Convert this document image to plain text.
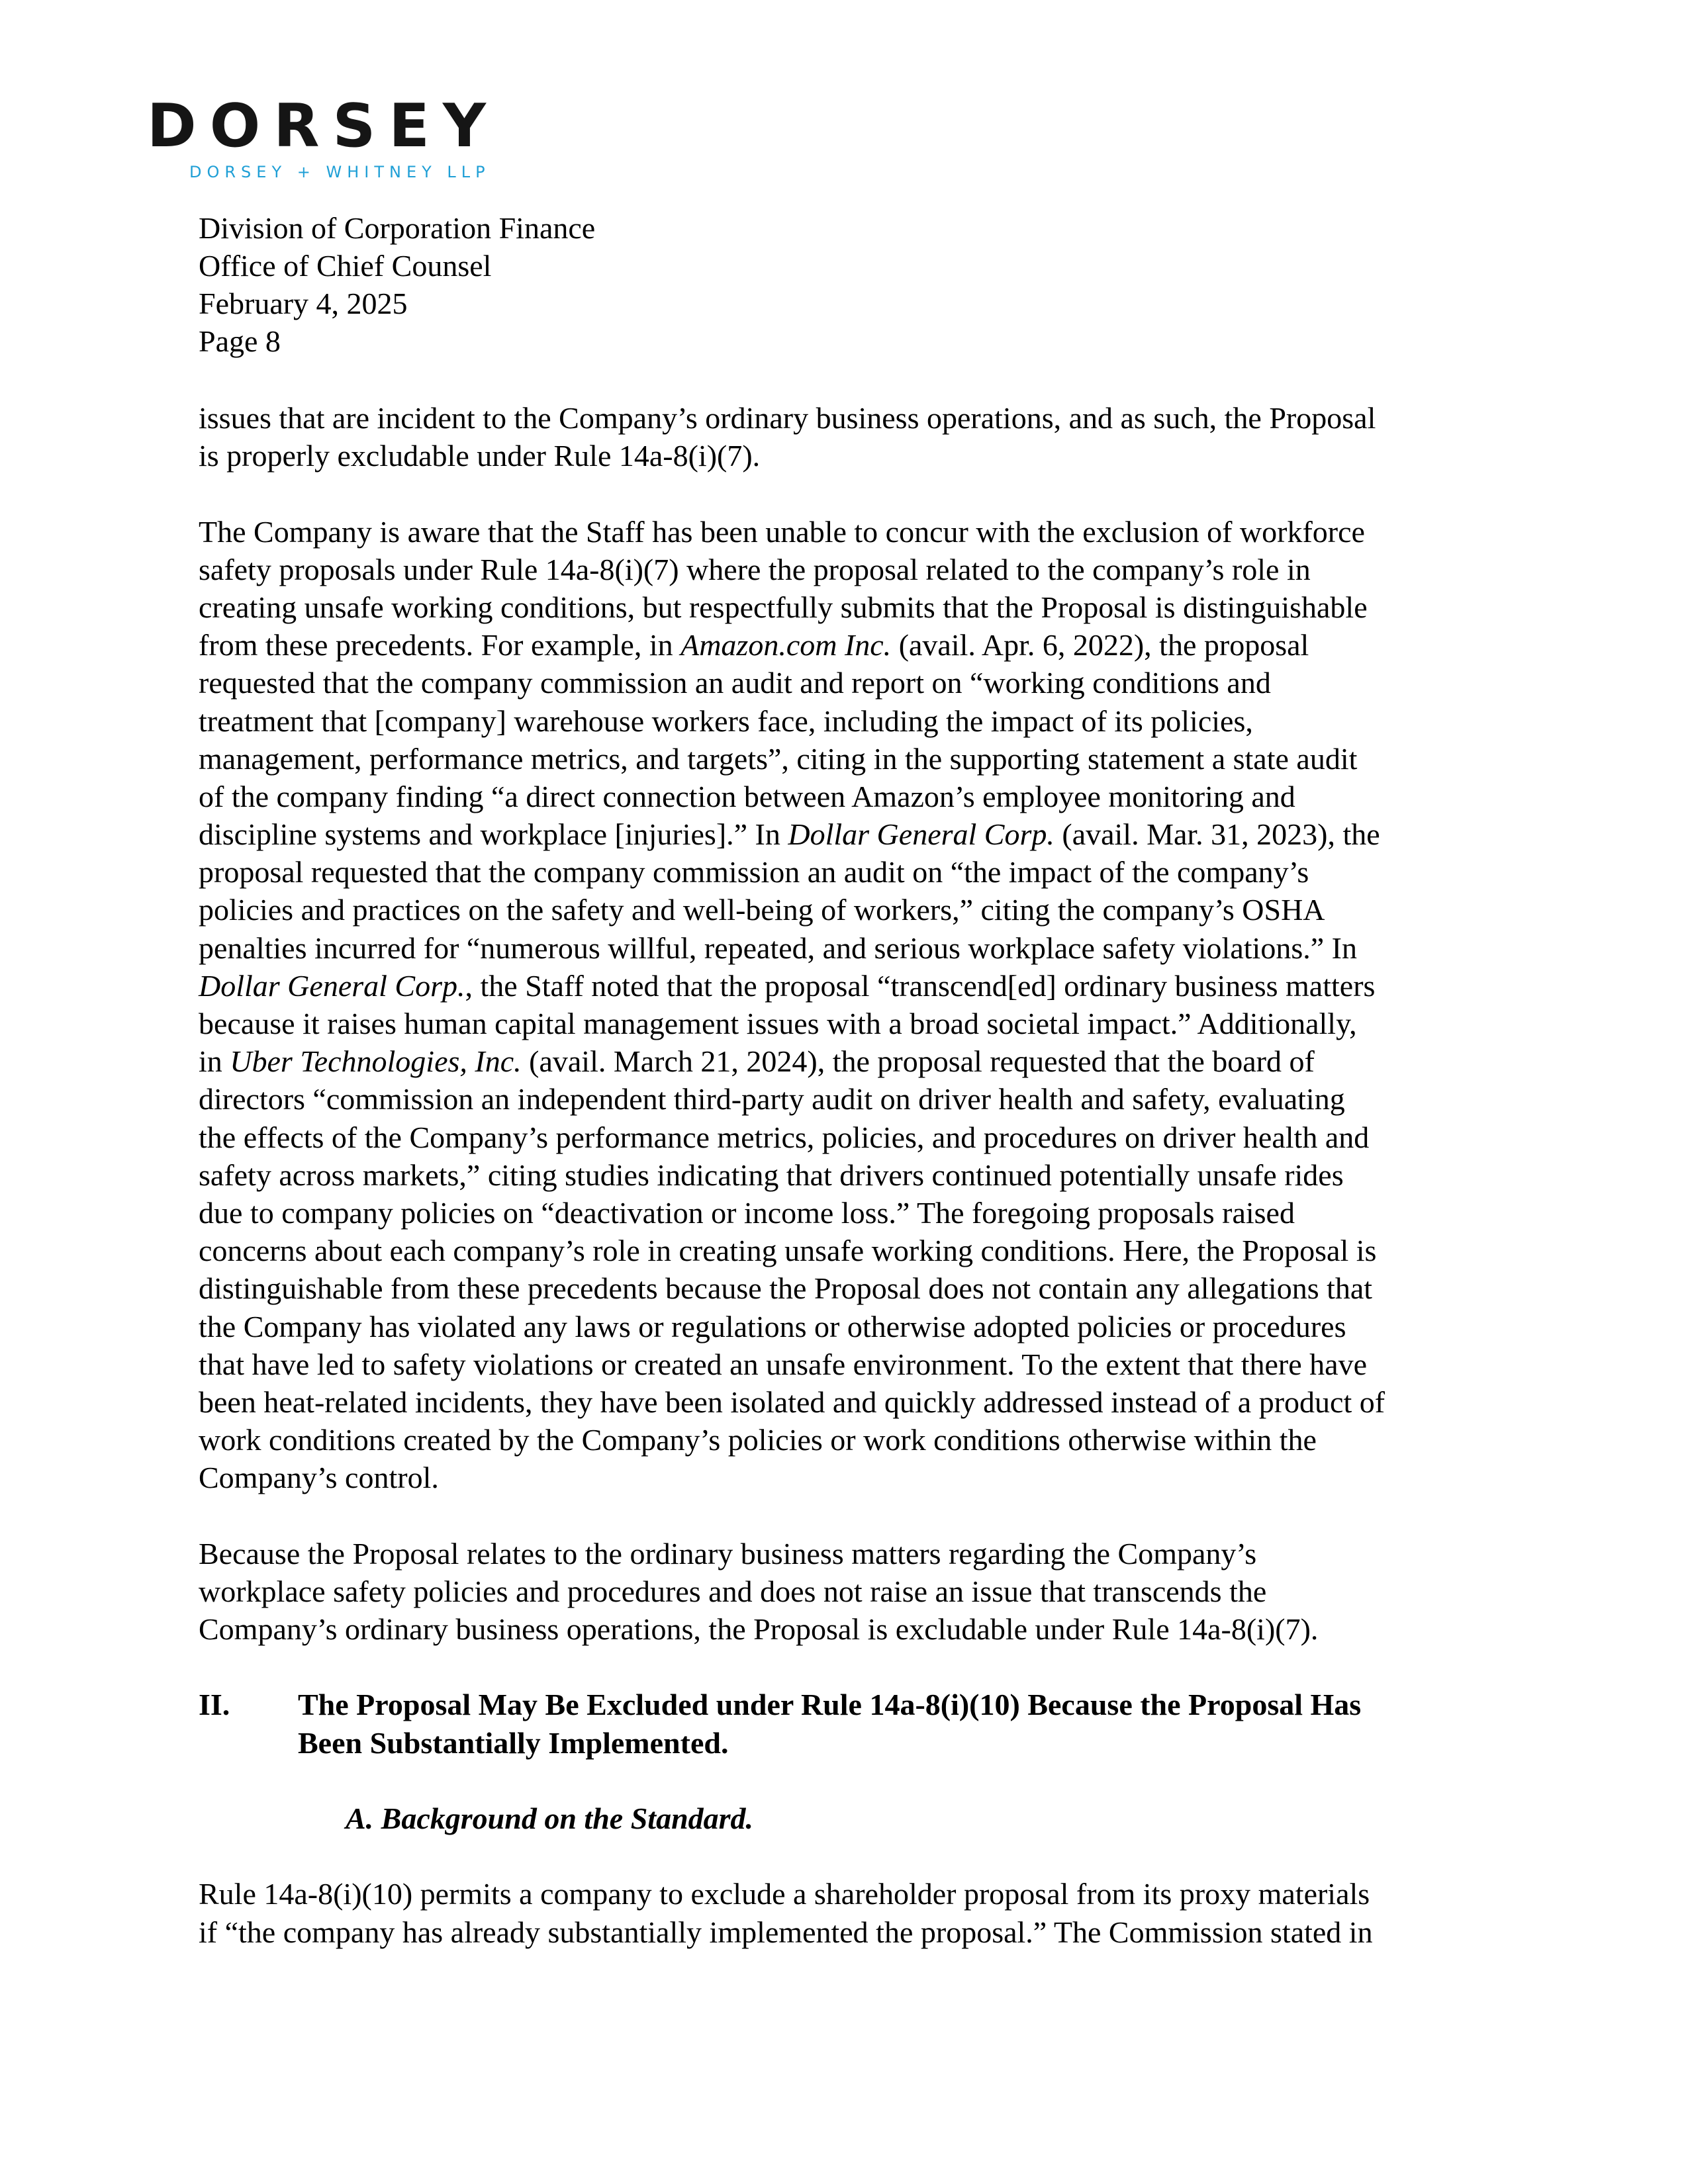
DORSEY
DORSEY + WHITNEY LLP
Division of Corporation Finance
Office of Chief Counsel
February 4, 2025
Page 8
issues that are incident to the Company’s ordinary business operations, and as such, the Proposal
is properly excludable under Rule 14a-8(i)(7).
The Company is aware that the Staff has been unable to concur with the exclusion of workforce
safety proposals under Rule 14a-8(i)(7) where the proposal related to the company’s role in
creating unsafe working conditions, but respectfully submits that the Proposal is distinguishable
from these precedents. For example, in Amazon.com Inc. (avail. Apr. 6, 2022), the proposal
requested that the company commission an audit and report on “working conditions and
treatment that [company] warehouse workers face, including the impact of its policies,
management, performance metrics, and targets”, citing in the supporting statement a state audit
of the company finding “a direct connection between Amazon’s employee monitoring and
discipline systems and workplace [injuries].” In Dollar General Corp. (avail. Mar. 31, 2023), the
proposal requested that the company commission an audit on “the impact of the company’s
policies and practices on the safety and well-being of workers,” citing the company’s OSHA
penalties incurred for “numerous willful, repeated, and serious workplace safety violations.” In
Dollar General Corp., the Staff noted that the proposal “transcend[ed] ordinary business matters
because it raises human capital management issues with a broad societal impact.” Additionally,
in Uber Technologies, Inc. (avail. March 21, 2024), the proposal requested that the board of
directors “commission an independent third-party audit on driver health and safety, evaluating
the effects of the Company’s performance metrics, policies, and procedures on driver health and
safety across markets,” citing studies indicating that drivers continued potentially unsafe rides
due to company policies on “deactivation or income loss.” The foregoing proposals raised
concerns about each company’s role in creating unsafe working conditions. Here, the Proposal is
distinguishable from these precedents because the Proposal does not contain any allegations that
the Company has violated any laws or regulations or otherwise adopted policies or procedures
that have led to safety violations or created an unsafe environment. To the extent that there have
been heat-related incidents, they have been isolated and quickly addressed instead of a product of
work conditions created by the Company’s policies or work conditions otherwise within the
Company’s control.
Because the Proposal relates to the ordinary business matters regarding the Company’s
workplace safety policies and procedures and does not raise an issue that transcends the
Company’s ordinary business operations, the Proposal is excludable under Rule 14a-8(i)(7).
II. The Proposal May Be Excluded under Rule 14a-8(i)(10) Because the Proposal Has
Been Substantially Implemented.
A. Background on the Standard.
Rule 14a-8(i)(10) permits a company to exclude a shareholder proposal from its proxy materials
if “the company has already substantially implemented the proposal.” The Commission stated in
